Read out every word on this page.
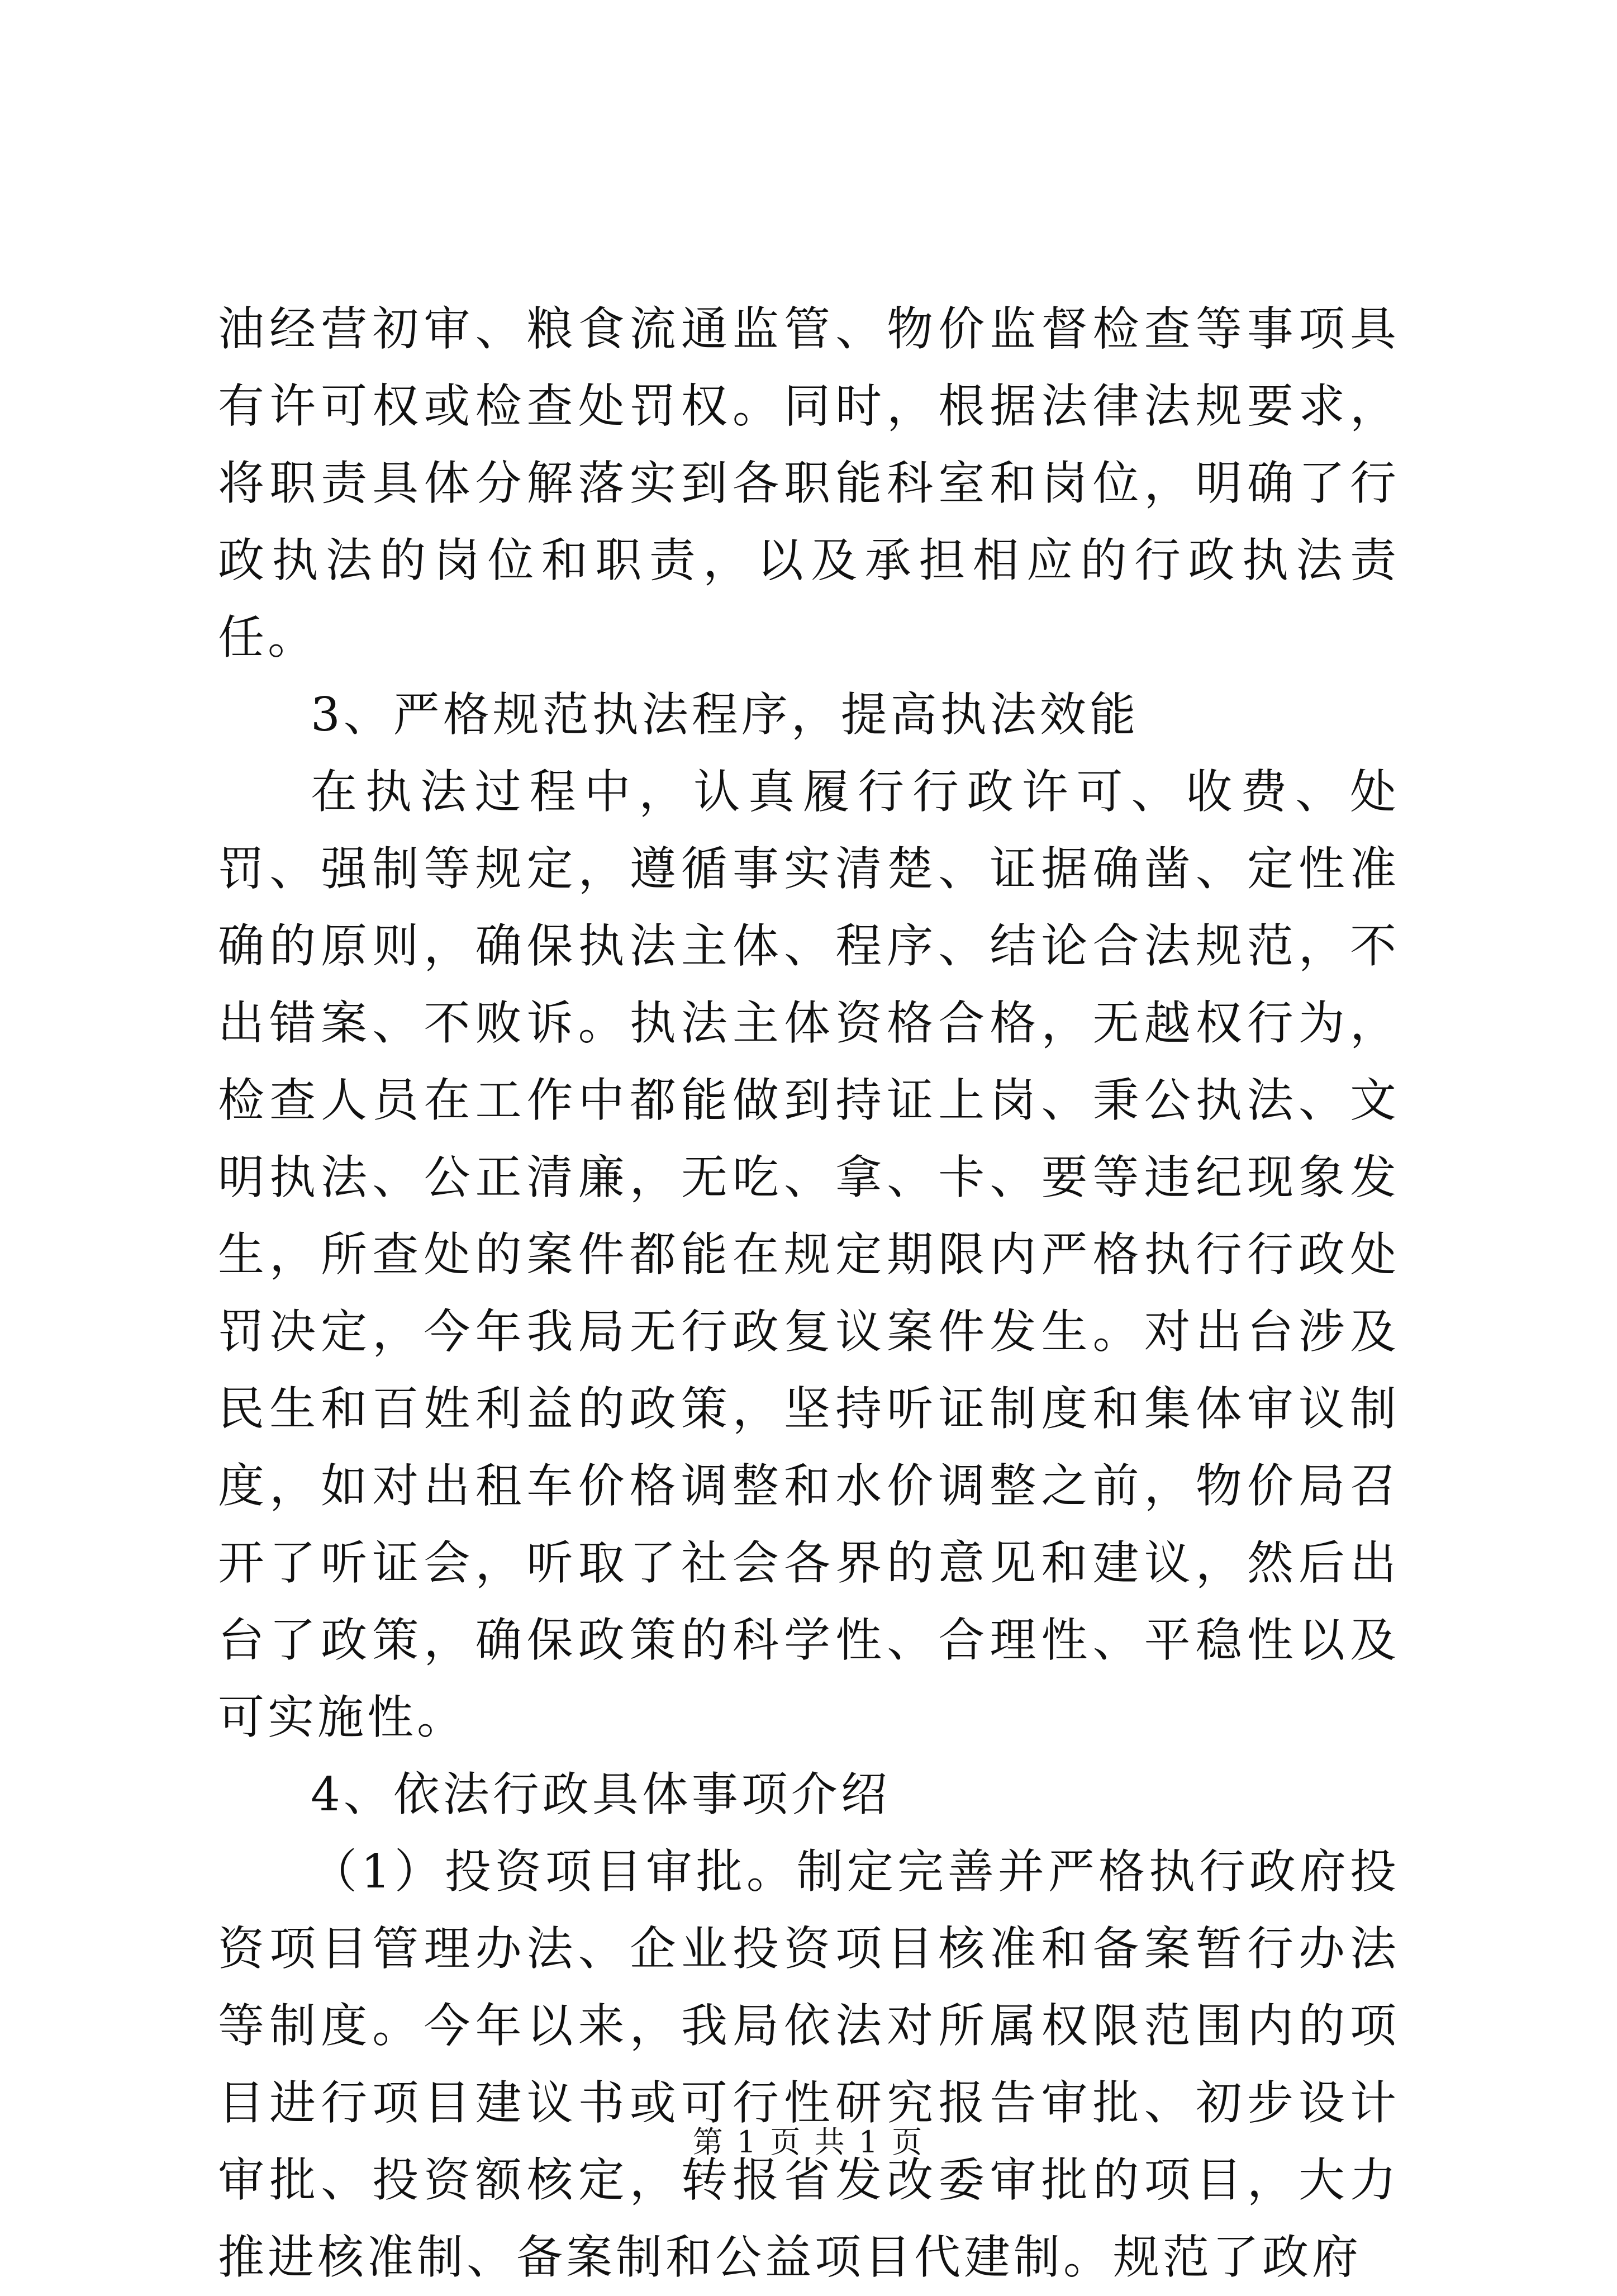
油经营初审、粮食流通监管、物价监督检查等事项具有许可权或检查处罚权。同时，根据法律法规要求，将职责具体分解落实到各职能科室和岗位，明确了行政执法的岗位和职责，以及承担相应的行政执法责任。

3、严格规范执法程序，提高执法效能

在执法过程中，认真履行行政许可、收费、处罚、强制等规定，遵循事实清楚、证据确凿、定性准确的原则，确保执法主体、程序、结论合法规范，不出错案、不败诉。执法主体资格合格，无越权行为，检查人员在工作中都能做到持证上岗、秉公执法、文明执法、公正清廉，无吃、拿、卡、要等违纪现象发生，所查处的案件都能在规定期限内严格执行行政处罚决定，今年我局无行政复议案件发生。对出台涉及民生和百姓利益的政策，坚持听证制度和集体审议制度，如对出租车价格调整和水价调整之前，物价局召开了听证会，听取了社会各界的意见和建议，然后出台了政策，确保政策的科学性、合理性、平稳性以及可实施性。

4、依法行政具体事项介绍

（1）投资项目审批。制定完善并严格执行政府投资项目管理办法、企业投资项目核准和备案暂行办法等制度。今年以来，我局依法对所属权限范围内的项目进行项目建议书或可行性研究报告审批、初步设计审批、投资额核定，转报省发改委审批的项目，大力推进核准制、备案制和公益项目代建制。规范了政府

第 1 页 共 1 页
